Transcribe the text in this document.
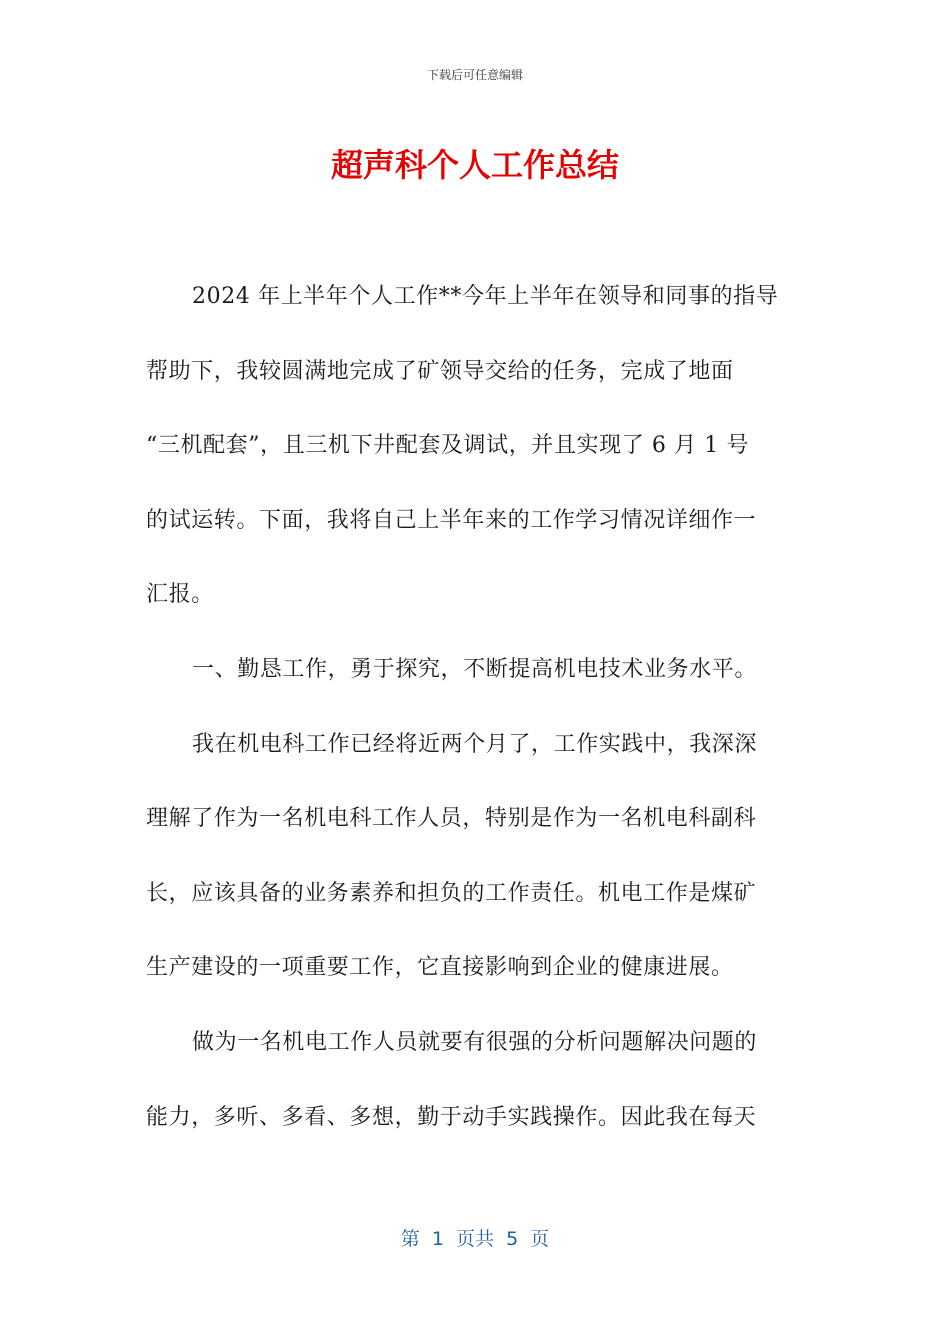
下载后可任意编辑
超声科个人工作总结
2024 年上半年个人工作**今年上半年在领导和同事的指导
帮助下，我较圆满地完成了矿领导交给的任务，完成了地面
“三机配套”，且三机下井配套及调试，并且实现了 6 月 1 号
的试运转。下面，我将自己上半年来的工作学习情况详细作一
汇报。
一、勤恳工作，勇于探究，不断提高机电技术业务水平。
我在机电科工作已经将近两个月了，工作实践中，我深深
理解了作为一名机电科工作人员，特别是作为一名机电科副科
长，应该具备的业务素养和担负的工作责任。机电工作是煤矿
生产建设的一项重要工作，它直接影响到企业的健康进展。
做为一名机电工作人员就要有很强的分析问题解决问题的
能力，多听、多看、多想，勤于动手实践操作。因此我在每天
第  1  页共  5  页
